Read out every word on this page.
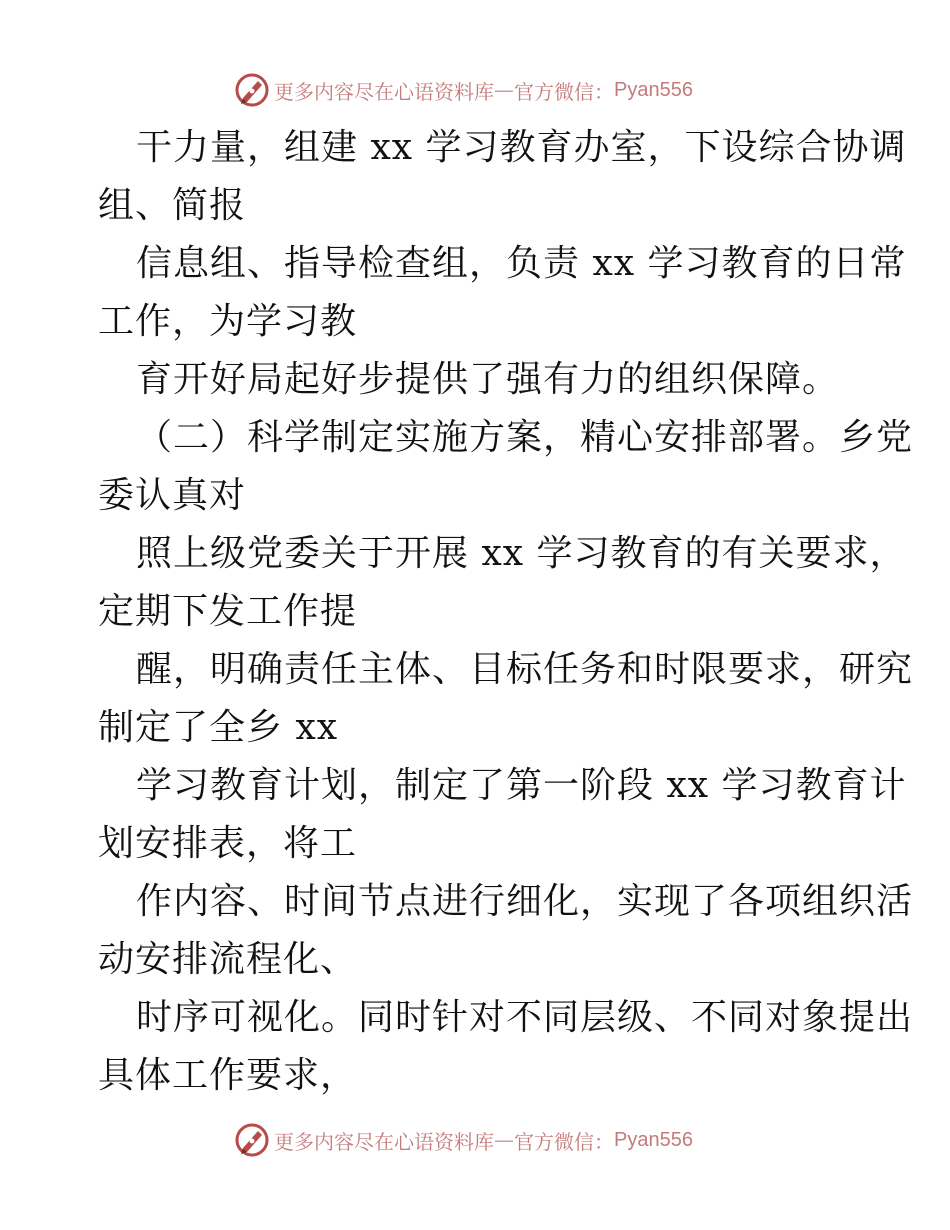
更多内容尽在心语资料库 — 官方微信： Pyan556
干力量，组建 xx 学习教育办室，下设综合协调
组、简报
信息组、指导检查组，负责 xx 学习教育的日常
工作，为学习教
育开好局起好步提供了强有力的组织保障。
（二）科学制定实施方案，精心安排部署。乡党
委认真对
照上级党委关于开展 xx 学习教育的有关要求，
定期下发工作提
醒，明确责任主体、目标任务和时限要求，研究
制定了全乡 xx
学习教育计划，制定了第一阶段 xx 学习教育计
划安排表，将工
作内容、时间节点进行细化，实现了各项组织活
动安排流程化、
时序可视化。同时针对不同层级、不同对象提出
具体工作要求，
更多内容尽在心语资料库 — 官方微信： Pyan556
